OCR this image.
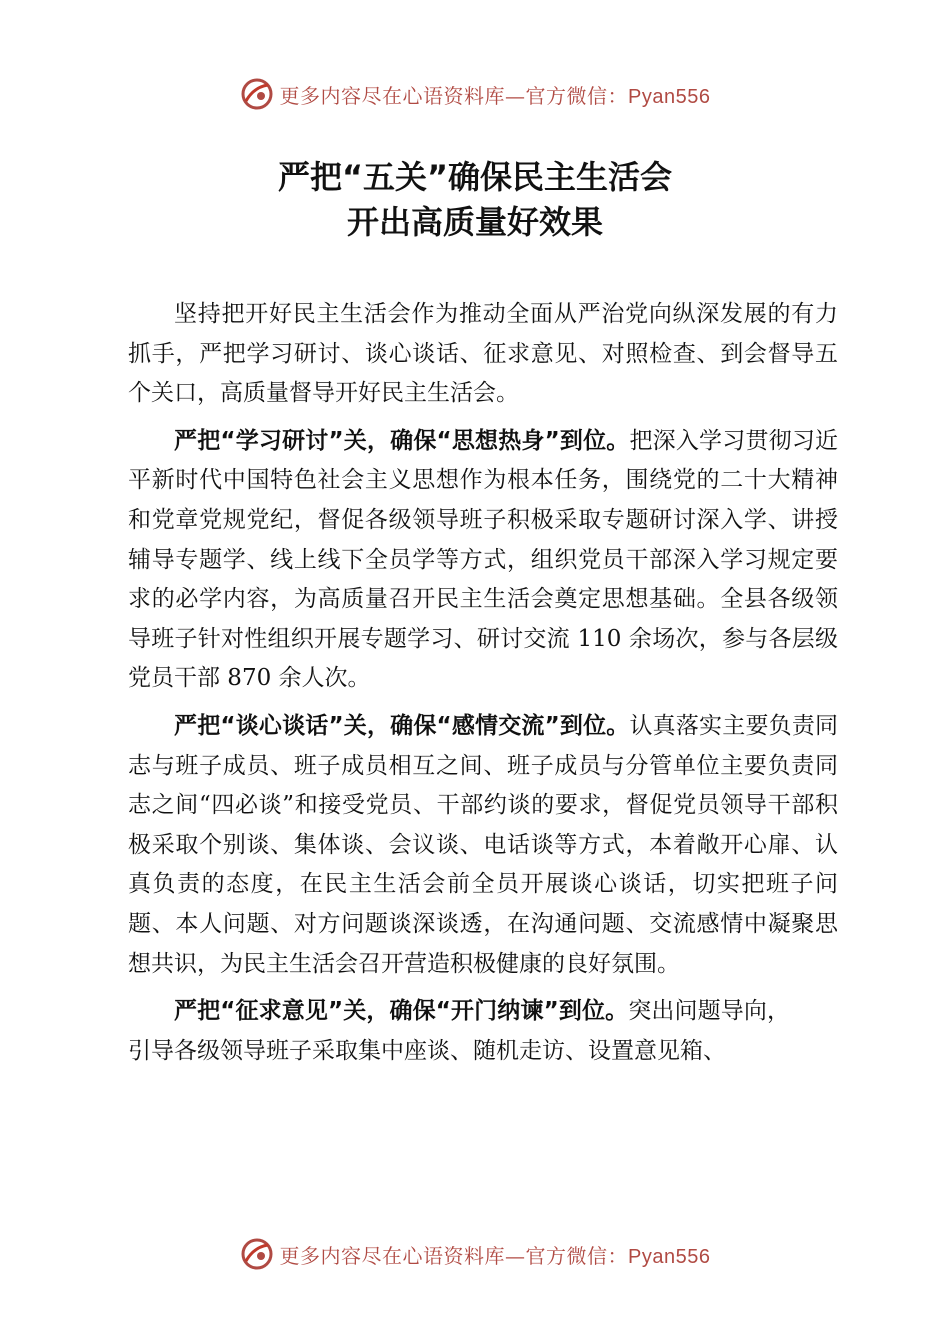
更多内容尽在心语资料库—官方微信：Pyan556
严把“五关”确保民主生活会
开出高质量好效果

坚持把开好民主生活会作为推动全面从严治党向纵深发展的有力抓手，严把学习研讨、谈心谈话、征求意见、对照检查、到会督导五个关口，高质量督导开好民主生活会。

严把“学习研讨”关，确保“思想热身”到位。把深入学习贯彻习近平新时代中国特色社会主义思想作为根本任务，围绕党的二十大精神和党章党规党纪，督促各级领导班子积极采取专题研讨深入学、讲授辅导专题学、线上线下全员学等方式，组织党员干部深入学习规定要求的必学内容，为高质量召开民主生活会奠定思想基础。全县各级领导班子针对性组织开展专题学习、研讨交流 110 余场次，参与各层级党员干部 870 余人次。

严把“谈心谈话”关，确保“感情交流”到位。认真落实主要负责同志与班子成员、班子成员相互之间、班子成员与分管单位主要负责同志之间“四必谈”和接受党员、干部约谈的要求，督促党员领导干部积极采取个别谈、集体谈、会议谈、电话谈等方式，本着敞开心扉、认真负责的态度，在民主生活会前全员开展谈心谈话，切实把班子问题、本人问题、对方问题谈深谈透，在沟通问题、交流感情中凝聚思想共识，为民主生活会召开营造积极健康的良好氛围。

严把“征求意见”关，确保“开门纳谏”到位。突出问题导向，引导各级领导班子采取集中座谈、随机走访、设置意见箱、

更多内容尽在心语资料库—官方微信：Pyan556
